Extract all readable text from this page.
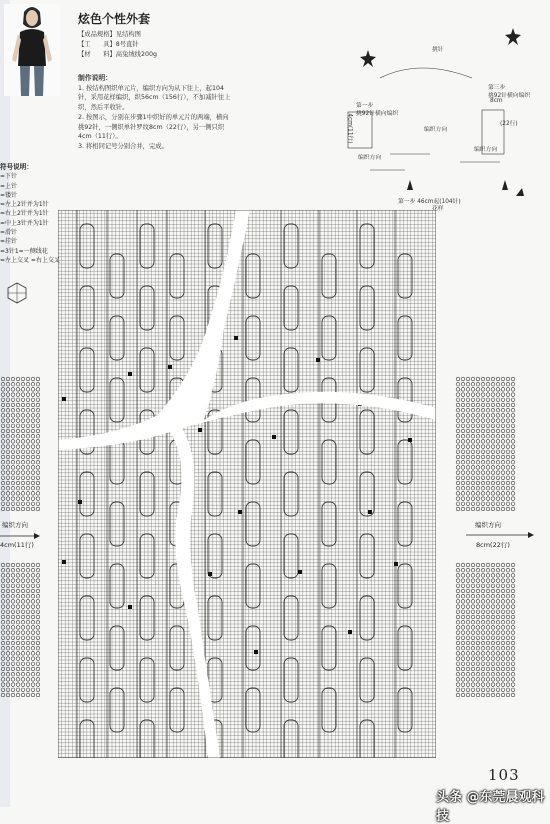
炫色个性外套
【成品规格】见结构图
【工　　具】8号直针
【材　　料】高兔绒线200g
制作说明：
1. 按结构图织单元片，编织方向为从下往上，起104
针，采用花样编织，织56cm（156行），不加减针往上
织，然后平收针。
2. 按图示，分别在步骤1中织好的单元片的两端，横向
挑92针，一侧织单针罗纹8cm（22行），另一侧只织
4cm（11行）。
3. 将相同记号分别合并，完成。
挑针
第一步
挑92针横向编织
4cm(11行)
第三步
挑92针横向编织
8cm
(22行)
编织方向
编织方向
编织方向
第一步 46cm起(104针)
花样
符号说明：
=下针
=上针
=镂针
=左上2针并为1针
=右上2针并为1针
=中上3针并为1针
=滑针
=挂针
=3针1=一侧线花
=左上交叉 =右上交叉
编织方向
4cm(11行)
编织方向
8cm(22行)
103
头条 @东莞晨观科技
